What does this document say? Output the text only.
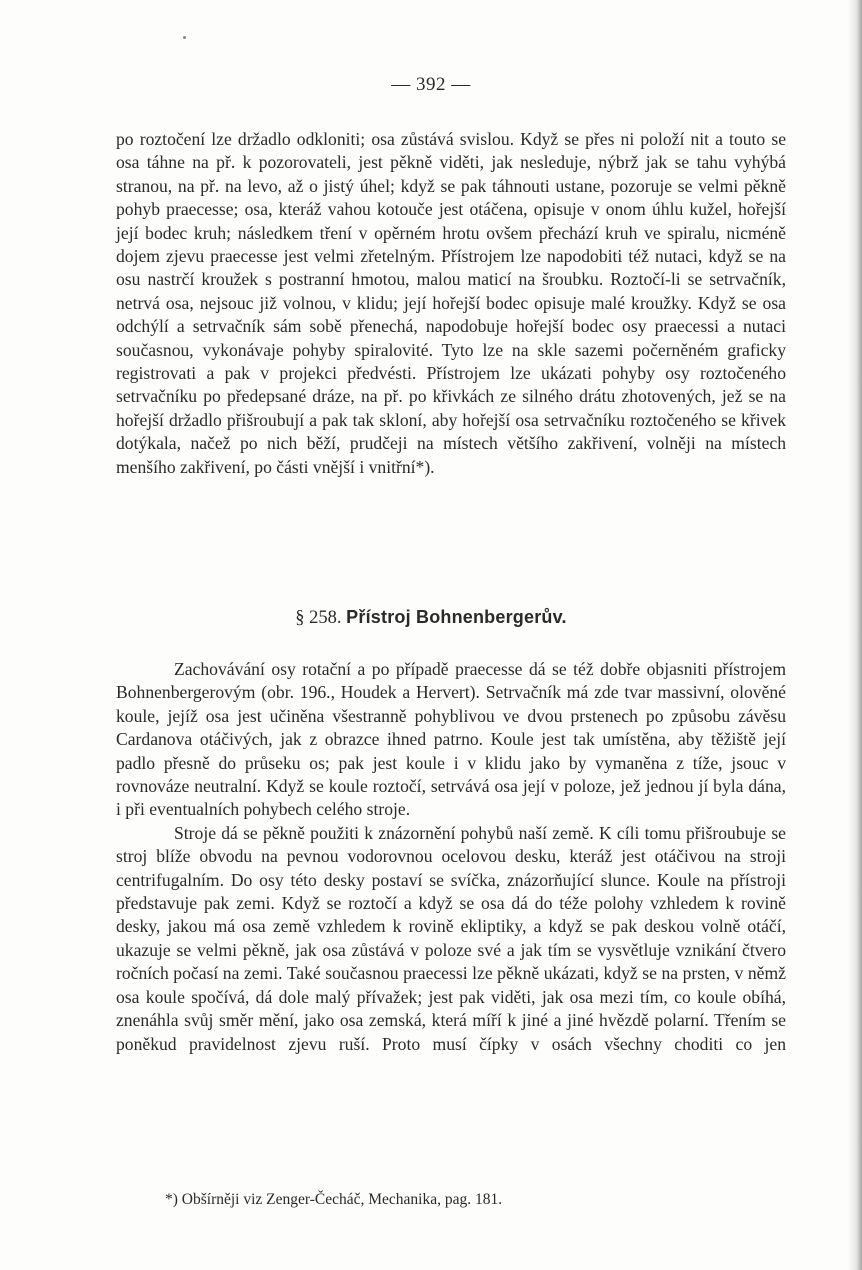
— 392 —

po roztočení lze držadlo odkloniti; osa zůstává svislou. Když se přes ni položí nit a touto se osa táhne na př. k pozorovateli, jest pěkně viděti, jak nesleduje, nýbrž jak se tahu vyhýbá stranou, na př. na levo, až o jistý úhel; když se pak táhnouti ustane, pozoruje se velmi pěkně pohyb praecesse; osa, kteráž vahou kotouče jest otáčena, opisuje v onom úhlu kužel, hořejší její bodec kruh; následkem tření v opěrném hrotu ovšem přechází kruh ve spiralu, nicméně dojem zjevu praecesse jest velmi zřetelným. Přístrojem lze napodobiti též nutaci, když se na osu nastrčí kroužek s postranní hmotou, malou maticí na šroubku. Roztočí-li se setrvačník, netrvá osa, nejsouc již volnou, v klidu; její hořejší bodec opisuje malé kroužky. Když se osa odchýlí a setrvačník sám sobě přenechá, napodobuje hořejší bodec osy praecessi a nutaci současnou, vykonávaje pohyby spiralovité. Tyto lze na skle sazemi počerněném graficky registrovati a pak v projekci předvésti. Přístrojem lze ukázati pohyby osy roztočeného setrvačníku po předepsané dráze, na př. po křivkách ze silného drátu zhotovených, jež se na hořejší držadlo přišroubují a pak tak skloní, aby hořejší osa setrvačníku roztočeného se křivek dotýkala, načež po nich běží, prudčeji na místech většího zakřivení, volněji na místech menšího zakřivení, po části vnější i vnitřní*).

§ 258. Přístroj Bohnenbergerův.

Zachovávání osy rotační a po případě praecesse dá se též dobře objasniti přístrojem Bohnenbergerovým (obr. 196., Houdek a Hervert). Setrvačník má zde tvar massivní, olověné koule, jejíž osa jest učiněna všestranně pohyblivou ve dvou prstenech po způsobu závěsu Cardanova otáčivých, jak z obrazce ihned patrno. Koule jest tak umístěna, aby těžiště její padlo přesně do průseku os; pak jest koule i v klidu jako by vymaněna z tíže, jsouc v rovnováze neutralní. Když se koule roztočí, setrvává osa její v poloze, jež jednou jí byla dána, i při eventualních pohybech celého stroje.

Stroje dá se pěkně použiti k znázornění pohybů naší země. K cíli tomu přišroubuje se stroj blíže obvodu na pevnou vodorovnou ocelovou desku, kteráž jest otáčivou na stroji centrifugalním. Do osy této desky postaví se svíčka, znázorňující slunce. Koule na přístroji představuje pak zemi. Když se roztočí a když se osa dá do téže polohy vzhledem k rovině desky, jakou má osa země vzhledem k rovině ekliptiky, a když se pak deskou volně otáčí, ukazuje se velmi pěkně, jak osa zůstává v poloze své a jak tím se vysvětluje vznikání čtvero ročních počasí na zemi. Také současnou praecessi lze pěkně ukázati, když se na prsten, v němž osa koule spočívá, dá dole malý přívažek; jest pak viděti, jak osa mezi tím, co koule obíhá, znenáhla svůj směr mění, jako osa zemská, která míří k jiné a jiné hvězdě polarní. Třením se poněkud pravidelnost zjevu ruší. Proto musí čípky v osách všechny choditi co jen

*) Obšírněji viz Zenger-Čecháč, Mechanika, pag. 181.
